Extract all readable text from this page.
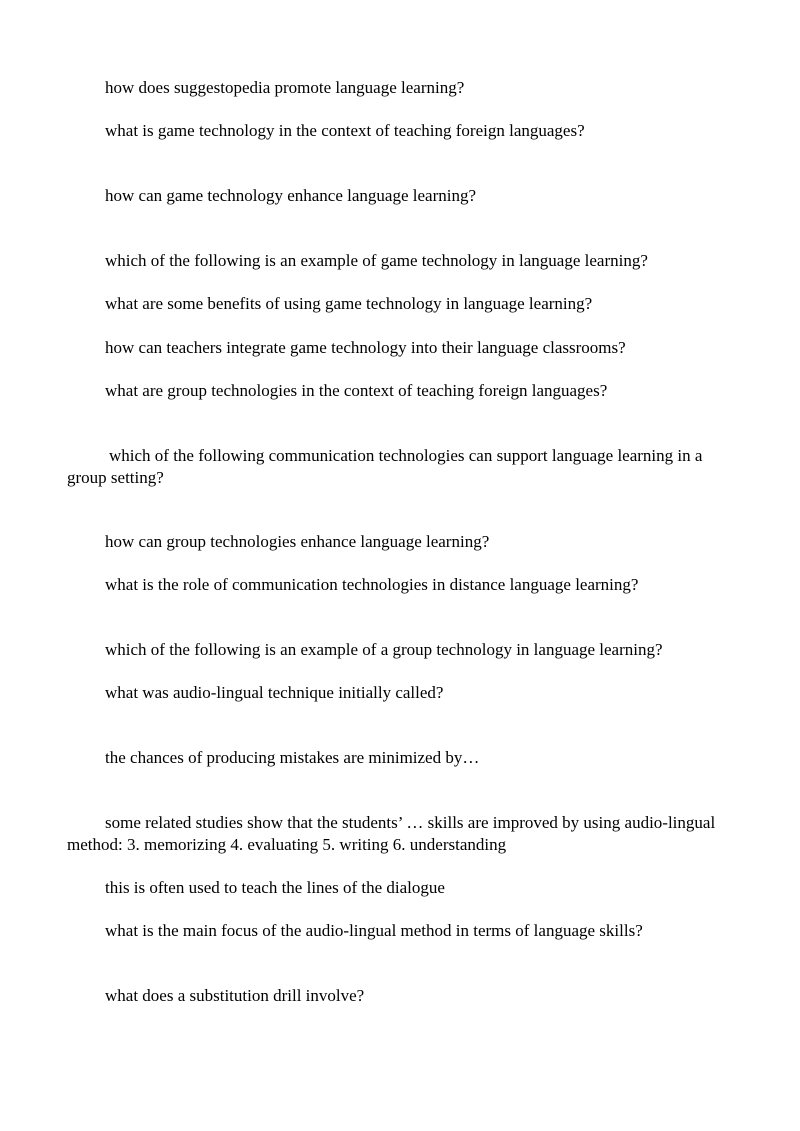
how does suggestopedia promote language learning?

what is game technology in the context of teaching foreign languages?

how can game technology enhance language learning?

which of the following is an example of game technology in language learning?

what are some benefits of using game technology in language learning?

how can teachers integrate game technology into their language classrooms?

what are group technologies in the context of teaching foreign languages?

which of the following communication technologies can support language learning in a group setting?

how can group technologies enhance language learning?

what is the role of communication technologies in distance language learning?

which of the following is an example of a group technology in language learning?

what was audio-lingual technique initially called?

the chances of producing mistakes are minimized by…

some related studies show that the students’ … skills are improved by using audio-lingual method: 3. memorizing 4. evaluating 5. writing 6. understanding

this is often used to teach the lines of the dialogue

what is the main focus of the audio-lingual method in terms of language skills?

what does a substitution drill involve?
